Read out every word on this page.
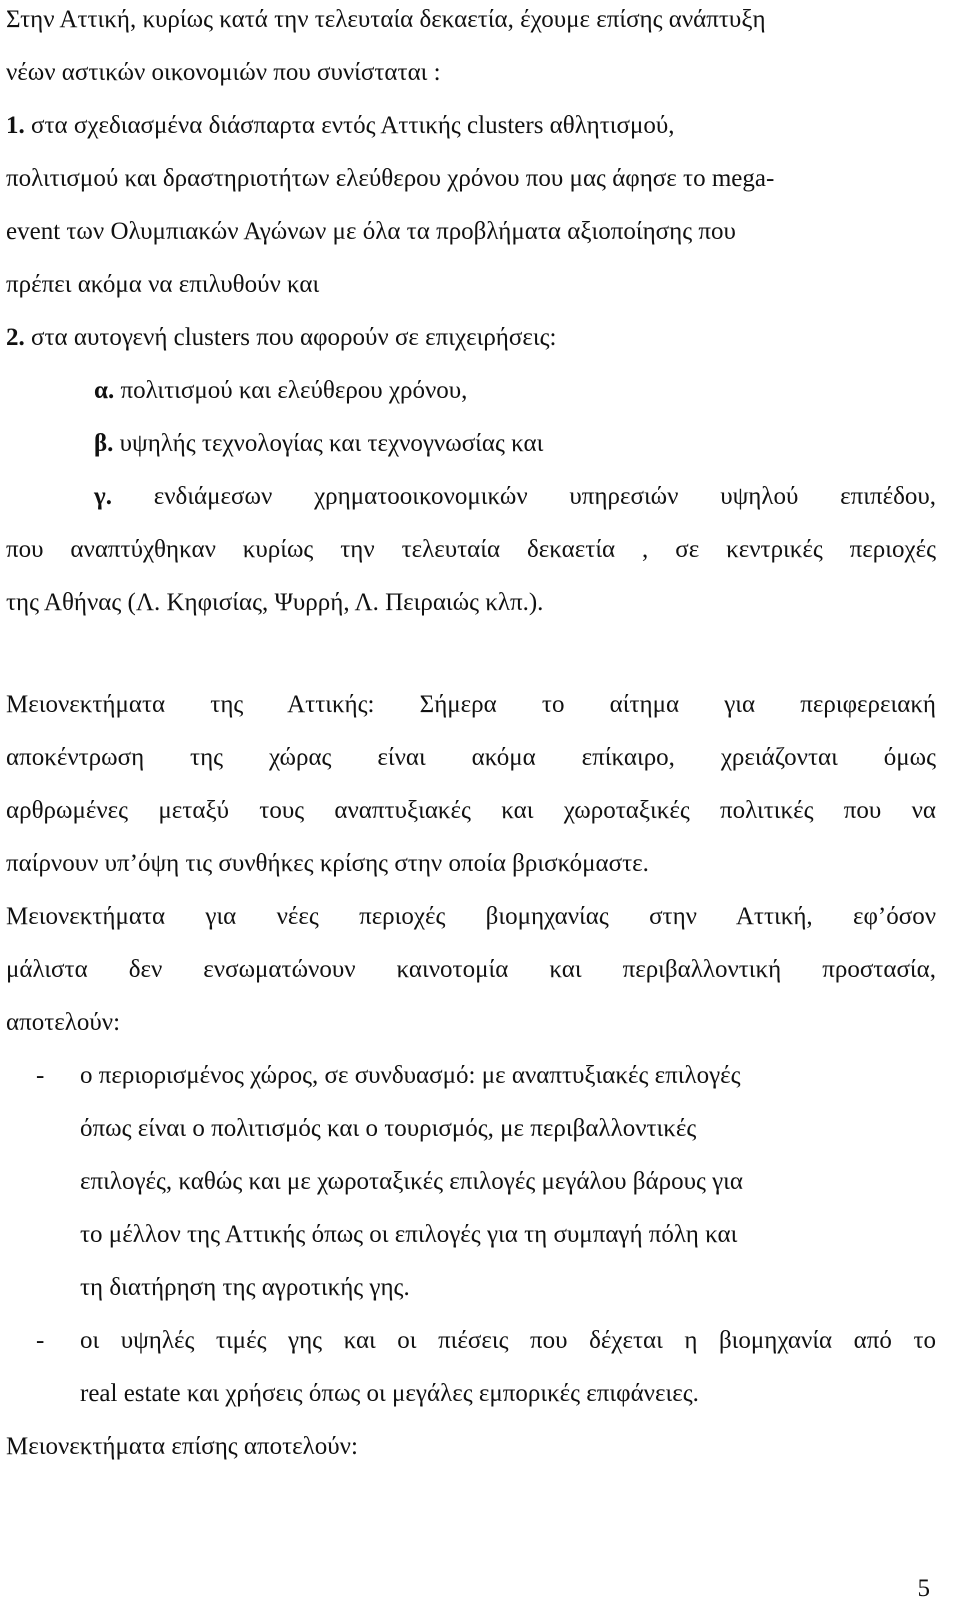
Στην Αττική, κυρίως κατά την τελευταία δεκαετία, έχουμε επίσης ανάπτυξη
νέων αστικών οικονομιών που συνίσταται :
1. στα σχεδιασμένα διάσπαρτα εντός Αττικής clusters αθλητισμού,
πολιτισμού και δραστηριοτήτων ελεύθερου χρόνου που μας άφησε το mega-
event των Ολυμπιακών Αγώνων με όλα τα προβλήματα αξιοποίησης που
πρέπει ακόμα να επιλυθούν και
2. στα αυτογενή clusters που αφορούν σε επιχειρήσεις:
α. πολιτισμού και ελεύθερου χρόνου,
β. υψηλής τεχνολογίας και τεχνογνωσίας και
γ. ενδιάμεσων χρηματοοικονομικών υπηρεσιών υψηλού επιπέδου,
που αναπτύχθηκαν κυρίως την τελευταία δεκαετία , σε κεντρικές περιοχές
της Αθήνας (Λ. Κηφισίας, Ψυρρή, Λ. Πειραιώς κλπ.).
Μειονεκτήματα της Αττικής: Σήμερα το αίτημα για περιφερειακή
αποκέντρωση της χώρας είναι ακόμα επίκαιρο, χρειάζονται όμως
αρθρωμένες μεταξύ τους αναπτυξιακές και χωροταξικές πολιτικές που να
παίρνουν υπ’όψη τις συνθήκες κρίσης στην οποία βρισκόμαστε.
Μειονεκτήματα για νέες περιοχές βιομηχανίας στην Αττική, εφ’όσον
μάλιστα δεν ενσωματώνουν καινοτομία και περιβαλλοντική προστασία,
αποτελούν:
- ο περιορισμένος χώρος, σε συνδυασμό: με αναπτυξιακές επιλογές
όπως είναι ο πολιτισμός και ο τουρισμός, με περιβαλλοντικές
επιλογές, καθώς και με χωροταξικές επιλογές μεγάλου βάρους για
το μέλλον της Αττικής όπως οι επιλογές για τη συμπαγή πόλη και
τη διατήρηση της αγροτικής γης.
- οι υψηλές τιμές γης και οι πιέσεις που δέχεται η βιομηχανία από το
real estate και χρήσεις όπως οι μεγάλες εμπορικές επιφάνειες.
Μειονεκτήματα επίσης αποτελούν:
5
